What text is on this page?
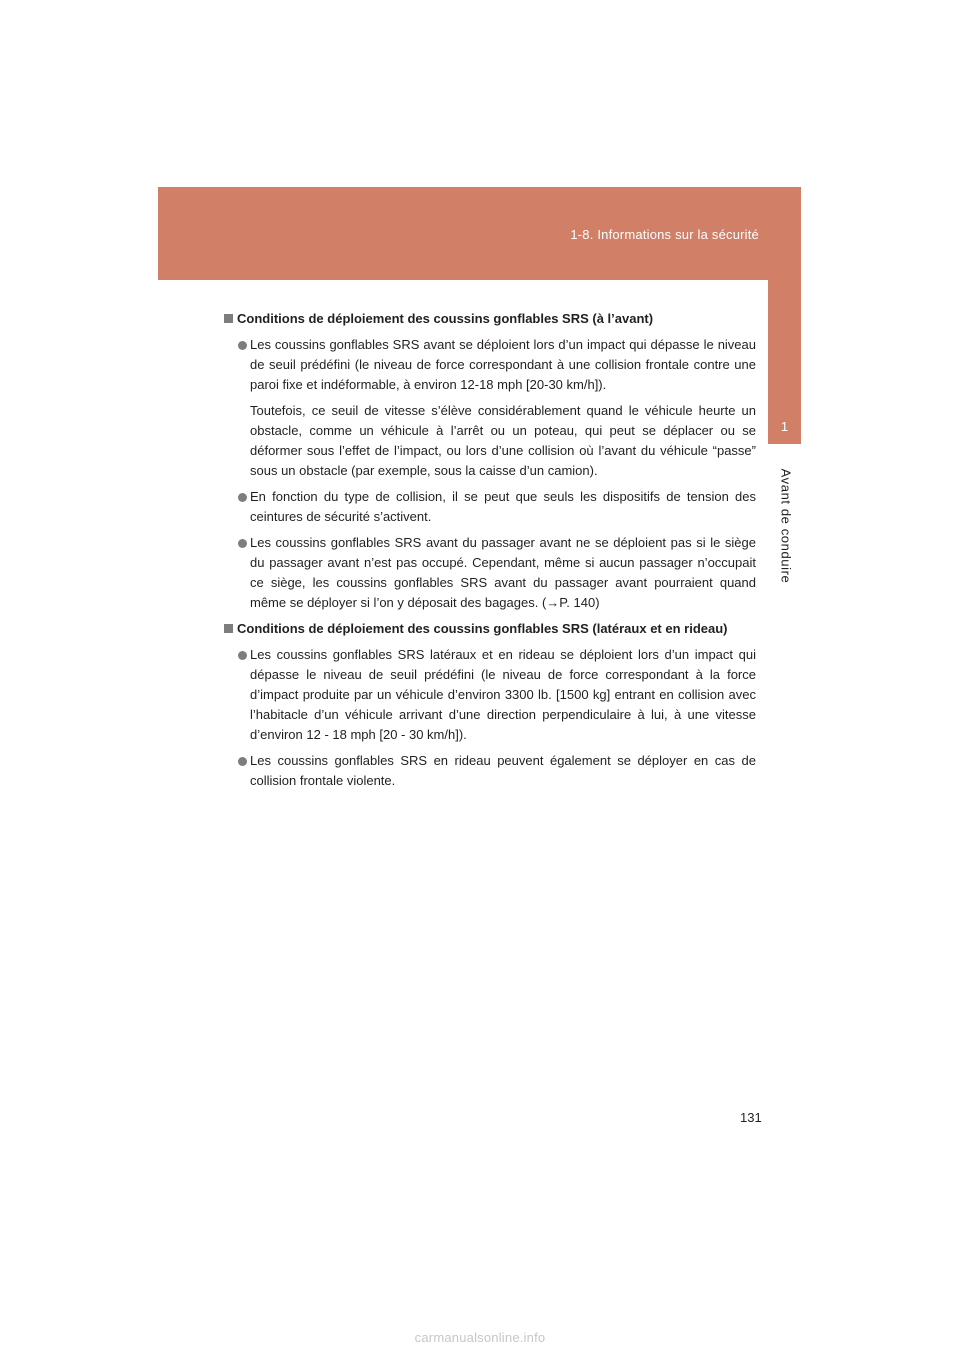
1-8. Informations sur la sécurité
1
Avant de conduire
Conditions de déploiement des coussins gonflables SRS (à l’avant)
Les coussins gonflables SRS avant se déploient lors d’un impact qui dépasse le niveau de seuil prédéfini (le niveau de force correspondant à une collision frontale contre une paroi fixe et indéformable, à environ 12-18 mph [20-30 km/h]).
Toutefois, ce seuil de vitesse s’élève considérablement quand le véhicule heurte un obstacle, comme un véhicule à l’arrêt ou un poteau, qui peut se déplacer ou se déformer sous l’effet de l’impact, ou lors d’une collision où l’avant du véhicule “passe” sous un obstacle (par exemple, sous la caisse d’un camion).
En fonction du type de collision, il se peut que seuls les dispositifs de tension des ceintures de sécurité s’activent.
Les coussins gonflables SRS avant du passager avant ne se déploient pas si le siège du passager avant n’est pas occupé. Cependant, même si aucun passager n’occupait ce siège, les coussins gonflables SRS avant du passager avant pourraient quand même se déployer si l’on y déposait des bagages. (→P. 140)
Conditions de déploiement des coussins gonflables SRS (latéraux et en rideau)
Les coussins gonflables SRS latéraux et en rideau se déploient lors d’un impact qui dépasse le niveau de seuil prédéfini (le niveau de force correspondant à la force d’impact produite par un véhicule d’environ 3300 lb. [1500 kg] entrant en collision avec l’habitacle d’un véhicule arrivant d’une direction perpendiculaire à lui, à une vitesse d’environ 12 - 18 mph [20 - 30 km/h]).
Les coussins gonflables SRS en rideau peuvent également se déployer en cas de collision frontale violente.
131
carmanualsonline.info
